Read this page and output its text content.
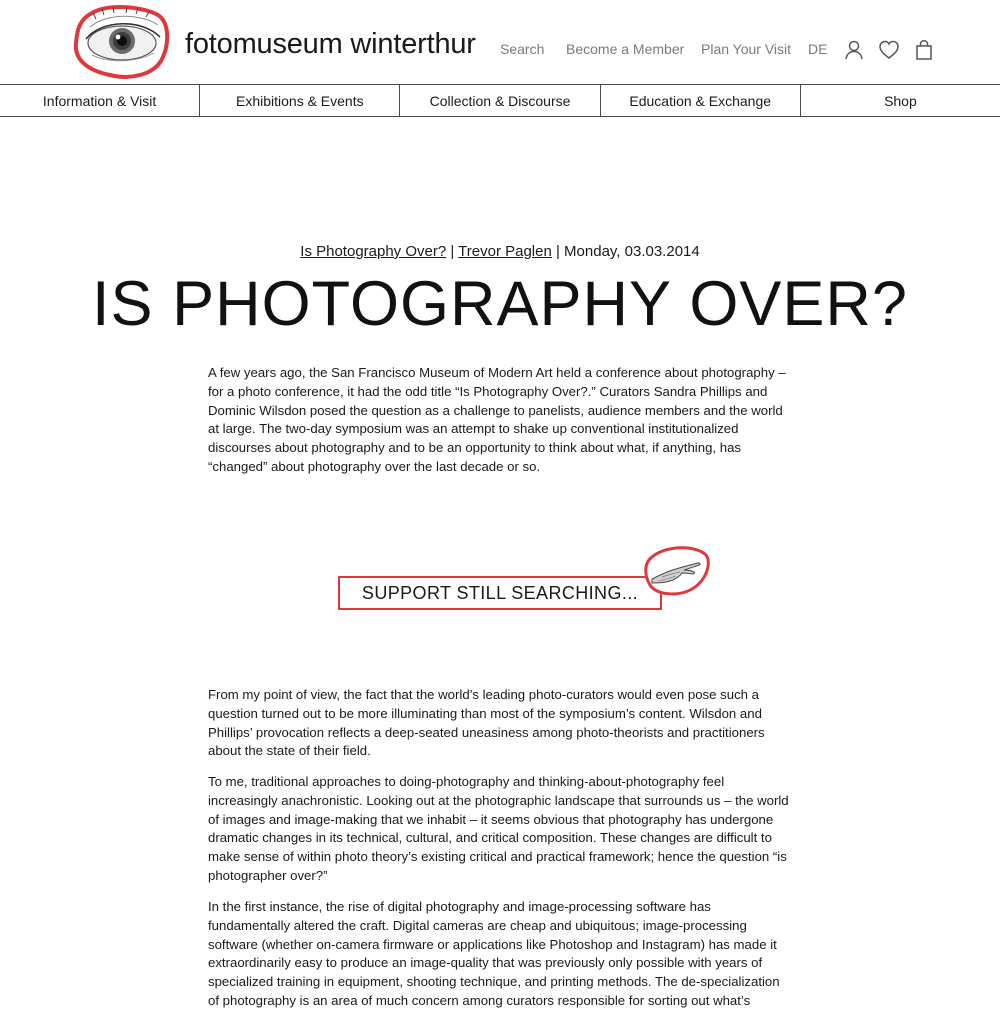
fotomuseum winterthur Search Become a Member Plan Your Visit DE
Information & Visit	Exhibitions & Events	Collection & Discourse	Education & Exchange	Shop
Is Photography Over? | Trevor Paglen | Monday, 03.03.2014
IS PHOTOGRAPHY OVER?

A few years ago, the San Francisco Museum of Modern Art held a conference about photography – for a photo conference, it had the odd title “Is Photography Over?.” Curators Sandra Phillips and Dominic Wilsdon posed the question as a challenge to panelists, audience members and the world at large. The two-day symposium was an attempt to shake up conventional institutionalized discourses about photography and to be an opportunity to think about what, if anything, has “changed” about photography over the last decade or so.

SUPPORT STILL SEARCHING...

From my point of view, the fact that the world’s leading photo-curators would even pose such a question turned out to be more illuminating than most of the symposium’s content. Wilsdon and Phillips’ provocation reflects a deep-seated uneasiness among photo-theorists and practitioners about the state of their field.

To me, traditional approaches to doing-photography and thinking-about-photography feel increasingly anachronistic. Looking out at the photographic landscape that surrounds us – the world of images and image-making that we inhabit – it seems obvious that photography has undergone dramatic changes in its technical, cultural, and critical composition. These changes are difficult to make sense of within photo theory’s existing critical and practical framework; hence the question “is photographer over?”

In the first instance, the rise of digital photography and image-processing software has fundamentally altered the craft. Digital cameras are cheap and ubiquitous; image-processing software (whether on-camera firmware or applications like Photoshop and Instagram) has made it extraordinarily easy to produce an image-quality that was previously only possible with years of specialized training in equipment, shooting technique, and printing methods. The de-specialization of photography is an area of much concern among curators responsible for sorting out what’s
